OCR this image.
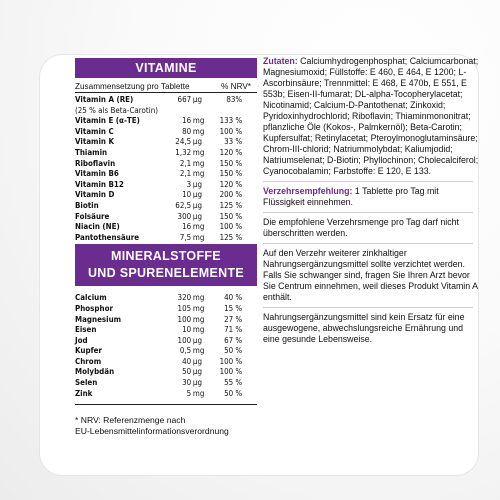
VITAMINE
Zusammensetzung pro Tablette	% NRV*
Vitamin A (RE)	667 µg	83%
(25 % als Beta-Carotin)
Vitamin E (α-TE)	16 mg	133 %
Vitamin C	80 mg	100 %
Vitamin K	24,5 µg	33 %
Thiamin	1,32 mg	120 %
Riboflavin	2,1 mg	150 %
Vitamin B6	2,1 mg	150 %
Vitamin B12	3 µg	120 %
Vitamin D	10 µg	200 %
Biotin	62,5 µg	125 %
Folsäure	300 µg	150 %
Niacin (NE)	16 mg	100 %
Pantothensäure	7,5 mg	125 %
MINERALSTOFFE
UND SPURENELEMENTE
Calcium	320 mg	40 %
Phosphor	105 mg	15 %
Magnesium	100 mg	27 %
Eisen	10 mg	71 %
Jod	100 µg	67 %
Kupfer	0,5 mg	50 %
Chrom	40 µg	100 %
Molybdän	50 µg	100 %
Selen	30 µg	55 %
Zink	5 mg	50 %
* NRV: Referenzmenge nach
EU-Lebensmittelinformationsverordnung
Zutaten: Calciumhydrogenphosphat; Calciumcarbonat; Magnesiumoxid; Füllstoffe: E 460, E 464, E 1200; L-Ascorbinsäure; Trennmittel: E 468, E 470b, E 551, E 553b; Eisen-II-fumarat; DL-alpha-Tocopherylacetat; Nicotinamid; Calcium-D-Pantothenat; Zinkoxid; Pyridoxinhydrochlorid; Riboflavin; Thiaminmononitrat; pflanzliche Öle (Kokos-, Palmkernöl); Beta-Carotin; Kupfersulfat; Retinylacetat; Pteroylmonoglutaminsäure; Chrom-III-chlorid; Natriummolybdat; Kaliumjodid; Natriumselenat; D-Biotin; Phyllochinon; Cholecalciferol; Cyanocobalamin; Farbstoffe: E 120, E 133.
Verzehrsempfehlung: 1 Tablette pro Tag mit Flüssigkeit einnehmen.
Die empfohlene Verzehrsmenge pro Tag darf nicht überschritten werden.
Auf den Verzehr weiterer zinkhaltiger Nahrungsergänzungsmittel sollte verzichtet werden. Falls Sie schwanger sind, fragen Sie Ihren Arzt bevor Sie Centrum einnehmen, weil dieses Produkt Vitamin A enthält.
Nahrungsergänzungsmittel sind kein Ersatz für eine ausgewogene, abwechslungsreiche Ernährung und eine gesunde Lebensweise.
